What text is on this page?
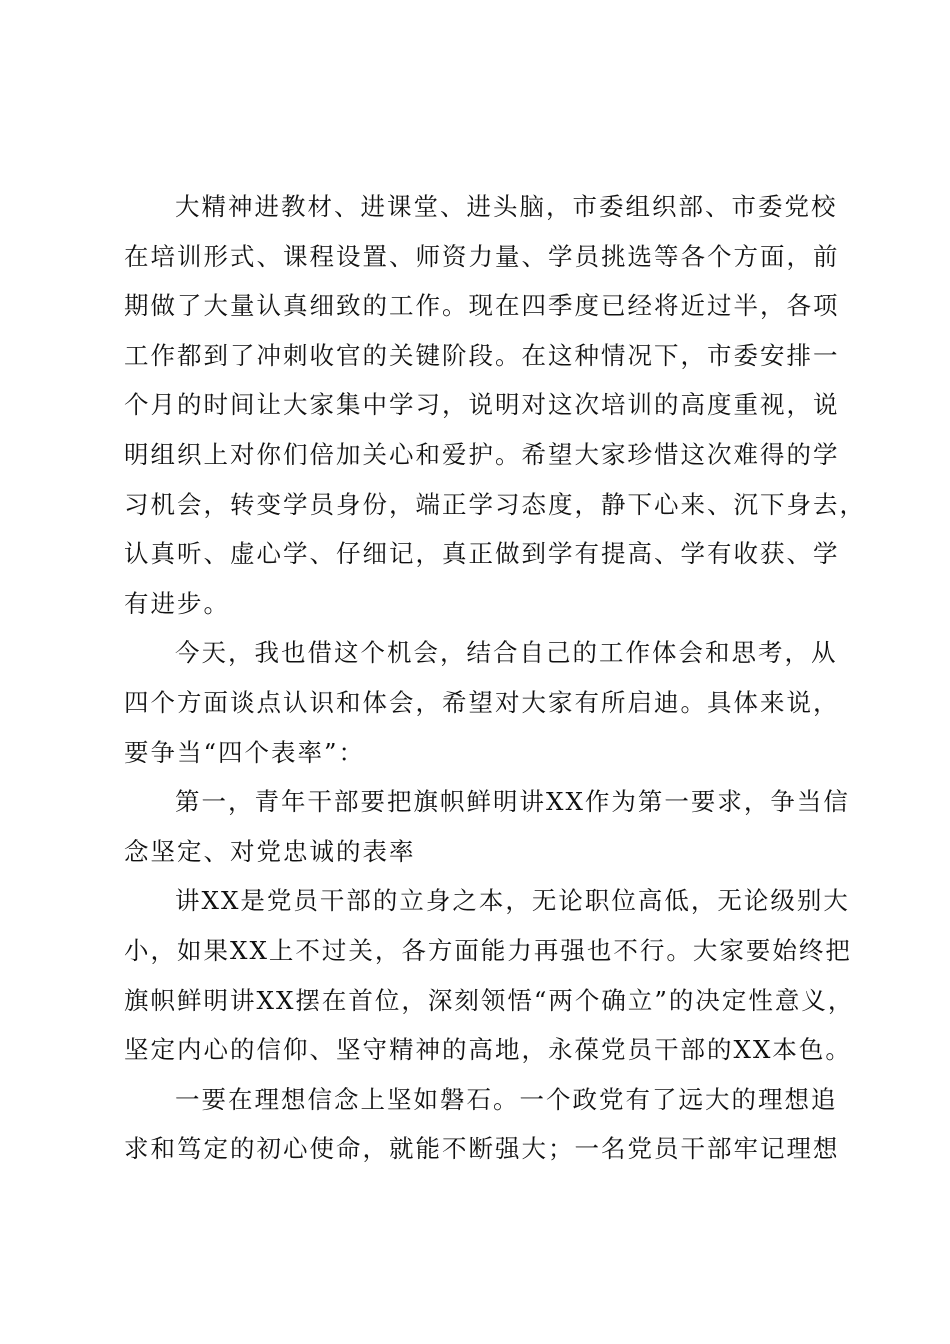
大精神进教材、进课堂、进头脑，市委组织部、市委党校
在培训形式、课程设置、师资力量、学员挑选等各个方面，前
期做了大量认真细致的工作。现在四季度已经将近过半，各项
工作都到了冲刺收官的关键阶段。在这种情况下，市委安排一
个月的时间让大家集中学习，说明对这次培训的高度重视，说
明组织上对你们倍加关心和爱护。希望大家珍惜这次难得的学
习机会，转变学员身份，端正学习态度，静下心来、沉下身去，
认真听、虚心学、仔细记，真正做到学有提高、学有收获、学
有进步。
今天，我也借这个机会，结合自己的工作体会和思考，从
四个方面谈点认识和体会，希望对大家有所启迪。具体来说，
要争当“四个表率”：
第一，青年干部要把旗帜鲜明讲XX作为第一要求，争当信
念坚定、对党忠诚的表率
讲XX是党员干部的立身之本，无论职位高低，无论级别大
小，如果XX上不过关，各方面能力再强也不行。大家要始终把
旗帜鲜明讲XX摆在首位，深刻领悟“两个确立”的决定性意义，
坚定内心的信仰、坚守精神的高地，永葆党员干部的XX本色。
一要在理想信念上坚如磐石。一个政党有了远大的理想追
求和笃定的初心使命，就能不断强大；一名党员干部牢记理想
